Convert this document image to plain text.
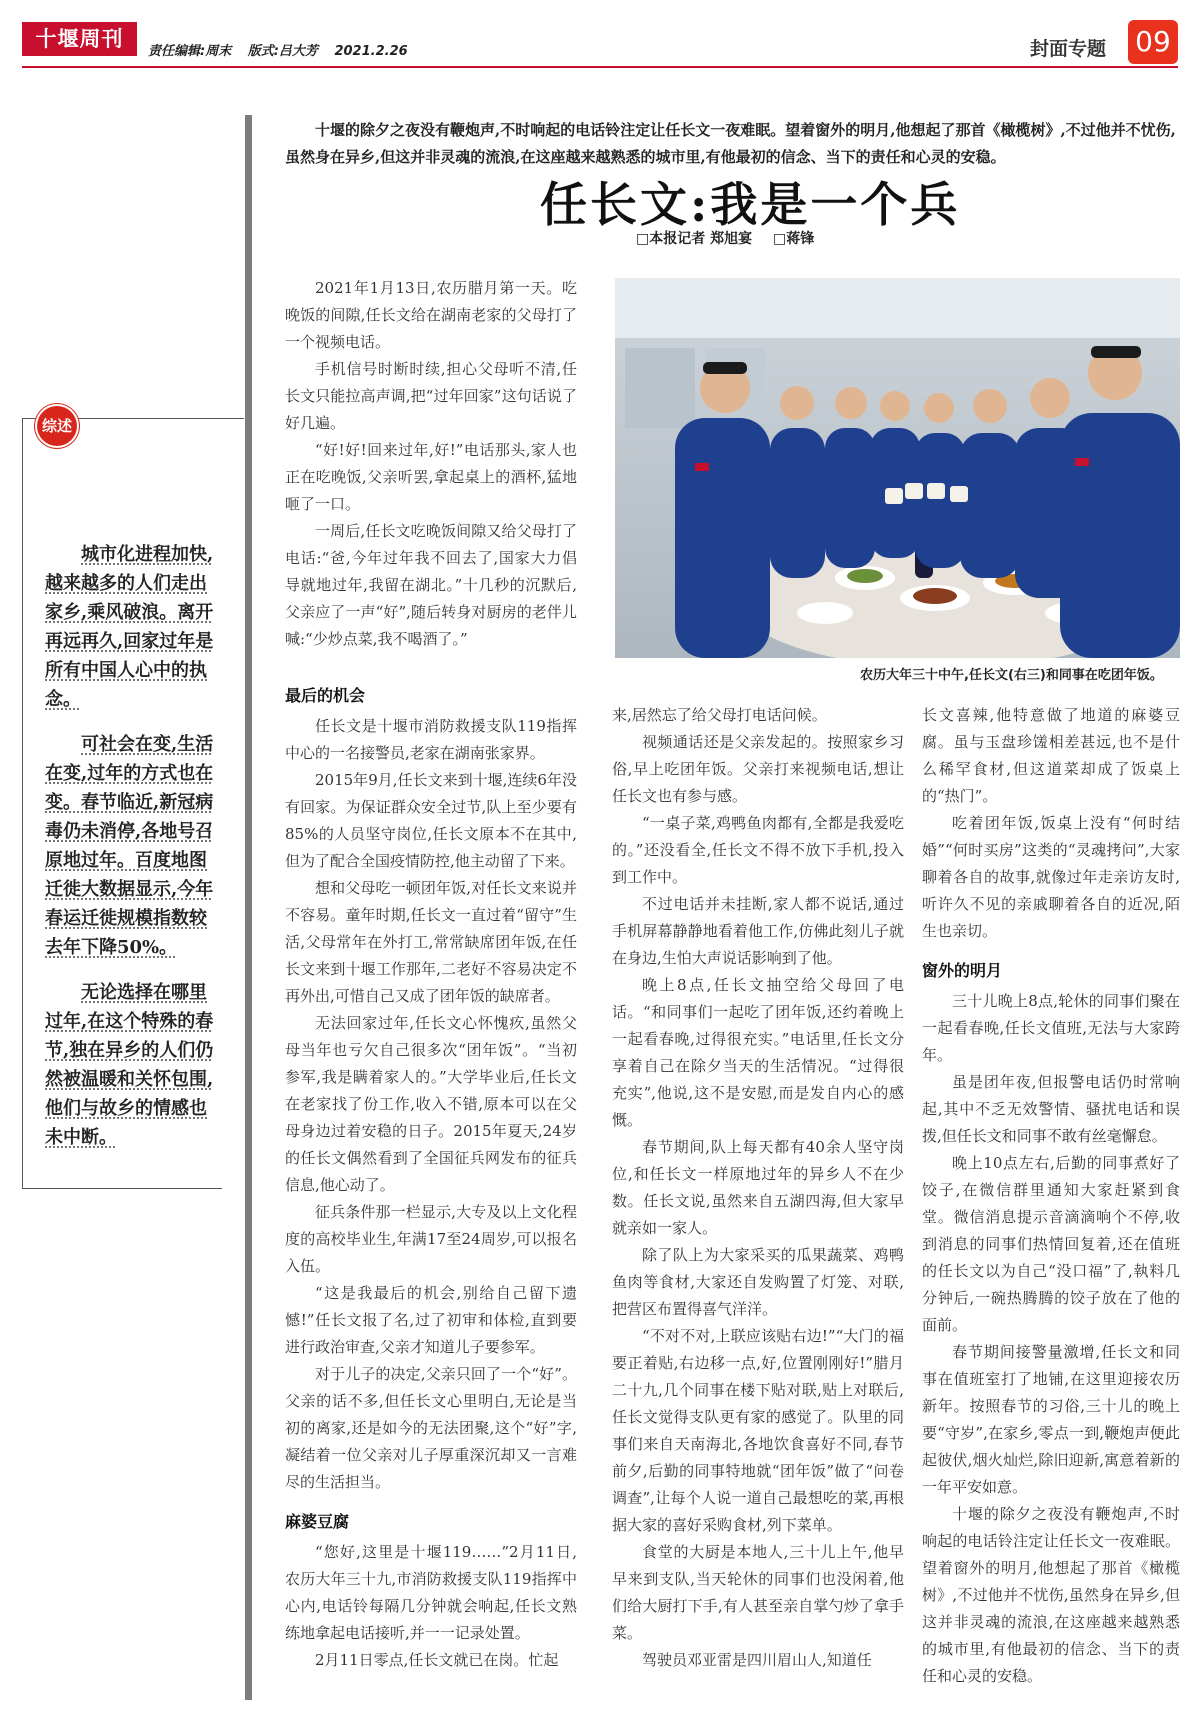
十堰周刊
责任编辑:周末 版式:吕大芳 2021.2.26	封面专题 09
综述

城市化进程加快,越来越多的人们走出家乡,乘风破浪。离开再远再久,回家过年是所有中国人心中的执念。

可社会在变,生活在变,过年的方式也在变。春节临近,新冠病毒仍未消停,各地号召原地过年。百度地图迁徙大数据显示,今年春运迁徙规模指数较去年下降50%。

无论选择在哪里过年,在这个特殊的春节,独在异乡的人们仍然被温暖和关怀包围,他们与故乡的情感也未中断。

十堰的除夕之夜没有鞭炮声,不时响起的电话铃注定让任长文一夜难眠。望着窗外的明月,他想起了那首《橄榄树》,不过他并不忧伤,虽然身在异乡,但这并非灵魂的流浪,在这座越来越熟悉的城市里,有他最初的信念、当下的责任和心灵的安稳。
任长文:我是一个兵
□本报记者 郑旭宴 □蒋锋
农历大年三十中午,任长文(右三)和同事在吃团年饭。

2021年1月13日,农历腊月第一天。吃晚饭的间隙,任长文给在湖南老家的父母打了一个视频电话。

手机信号时断时续,担心父母听不清,任长文只能拉高声调,把“过年回家”这句话说了好几遍。

“好!好!回来过年,好!”电话那头,家人也正在吃晚饭,父亲听罢,拿起桌上的酒杯,猛地咂了一口。

一周后,任长文吃晚饭间隙又给父母打了电话:“爸,今年过年我不回去了,国家大力倡导就地过年,我留在湖北。”十几秒的沉默后,父亲应了一声“好”,随后转身对厨房的老伴儿喊:“少炒点菜,我不喝酒了。”

最后的机会

任长文是十堰市消防救援支队119指挥中心的一名接警员,老家在湖南张家界。

2015年9月,任长文来到十堰,连续6年没有回家。为保证群众安全过节,队上至少要有85%的人员坚守岗位,任长文原本不在其中,但为了配合全国疫情防控,他主动留了下来。

想和父母吃一顿团年饭,对任长文来说并不容易。童年时期,任长文一直过着“留守”生活,父母常年在外打工,常常缺席团年饭,在任长文来到十堰工作那年,二老好不容易决定不再外出,可惜自己又成了团年饭的缺席者。

无法回家过年,任长文心怀愧疚,虽然父母当年也亏欠自己很多次“团年饭”。“当初参军,我是瞒着家人的。”大学毕业后,任长文在老家找了份工作,收入不错,原本可以在父母身边过着安稳的日子。2015年夏天,24岁的任长文偶然看到了全国征兵网发布的征兵信息,他心动了。

征兵条件那一栏显示,大专及以上文化程度的高校毕业生,年满17至24周岁,可以报名入伍。

“这是我最后的机会,别给自己留下遗憾!”任长文报了名,过了初审和体检,直到要进行政治审查,父亲才知道儿子要参军。

对于儿子的决定,父亲只回了一个“好”。父亲的话不多,但任长文心里明白,无论是当初的离家,还是如今的无法团聚,这个“好”字,凝结着一位父亲对儿子厚重深沉却又一言难尽的生活担当。

麻婆豆腐

“您好,这里是十堰119……”2月11日,农历大年三十九,市消防救援支队119指挥中心内,电话铃每隔几分钟就会响起,任长文熟练地拿起电话接听,并一一记录处置。

2月11日零点,任长文就已在岗。忙起

来,居然忘了给父母打电话问候。

视频通话还是父亲发起的。按照家乡习俗,早上吃团年饭。父亲打来视频电话,想让任长文也有参与感。

“一桌子菜,鸡鸭鱼肉都有,全都是我爱吃的。”还没看全,任长文不得不放下手机,投入到工作中。

不过电话并未挂断,家人都不说话,通过手机屏幕静静地看着他工作,仿佛此刻儿子就在身边,生怕大声说话影响到了他。

晚上8点,任长文抽空给父母回了电话。“和同事们一起吃了团年饭,还约着晚上一起看春晚,过得很充实。”电话里,任长文分享着自己在除夕当天的生活情况。“过得很充实”,他说,这不是安慰,而是发自内心的感慨。

春节期间,队上每天都有40余人坚守岗位,和任长文一样原地过年的异乡人不在少数。任长文说,虽然来自五湖四海,但大家早就亲如一家人。

除了队上为大家采买的瓜果蔬菜、鸡鸭鱼肉等食材,大家还自发购置了灯笼、对联,把营区布置得喜气洋洋。

“不对不对,上联应该贴右边!”“大门的福要正着贴,右边移一点,好,位置刚刚好!”腊月二十九,几个同事在楼下贴对联,贴上对联后,任长文觉得支队更有家的感觉了。队里的同事们来自天南海北,各地饮食喜好不同,春节前夕,后勤的同事特地就“团年饭”做了“问卷调查”,让每个人说一道自己最想吃的菜,再根据大家的喜好采购食材,列下菜单。

食堂的大厨是本地人,三十儿上午,他早早来到支队,当天轮休的同事们也没闲着,他们给大厨打下手,有人甚至亲自掌勺炒了拿手菜。

驾驶员邓亚雷是四川眉山人,知道任

长文喜辣,他特意做了地道的麻婆豆腐。虽与玉盘珍馐相差甚远,也不是什么稀罕食材,但这道菜却成了饭桌上的“热门”。

吃着团年饭,饭桌上没有“何时结婚”“何时买房”这类的“灵魂拷问”,大家聊着各自的故事,就像过年走亲访友时,听许久不见的亲戚聊着各自的近况,陌生也亲切。

窗外的明月

三十儿晚上8点,轮休的同事们聚在一起看春晚,任长文值班,无法与大家跨年。

虽是团年夜,但报警电话仍时常响起,其中不乏无效警情、骚扰电话和误拨,但任长文和同事不敢有丝毫懈怠。

晚上10点左右,后勤的同事煮好了饺子,在微信群里通知大家赶紧到食堂。微信消息提示音滴滴响个不停,收到消息的同事们热情回复着,还在值班的任长文以为自己“没口福”了,執料几分钟后,一碗热腾腾的饺子放在了他的面前。

春节期间接警量激增,任长文和同事在值班室打了地铺,在这里迎接农历新年。按照春节的习俗,三十儿的晚上要“守岁”,在家乡,零点一到,鞭炮声便此起彼伏,烟火灿烂,除旧迎新,寓意着新的一年平安如意。

十堰的除夕之夜没有鞭炮声,不时响起的电话铃注定让任长文一夜难眠。望着窗外的明月,他想起了那首《橄榄树》,不过他并不忧伤,虽然身在异乡,但这并非灵魂的流浪,在这座越来越熟悉的城市里,有他最初的信念、当下的责任和心灵的安稳。
